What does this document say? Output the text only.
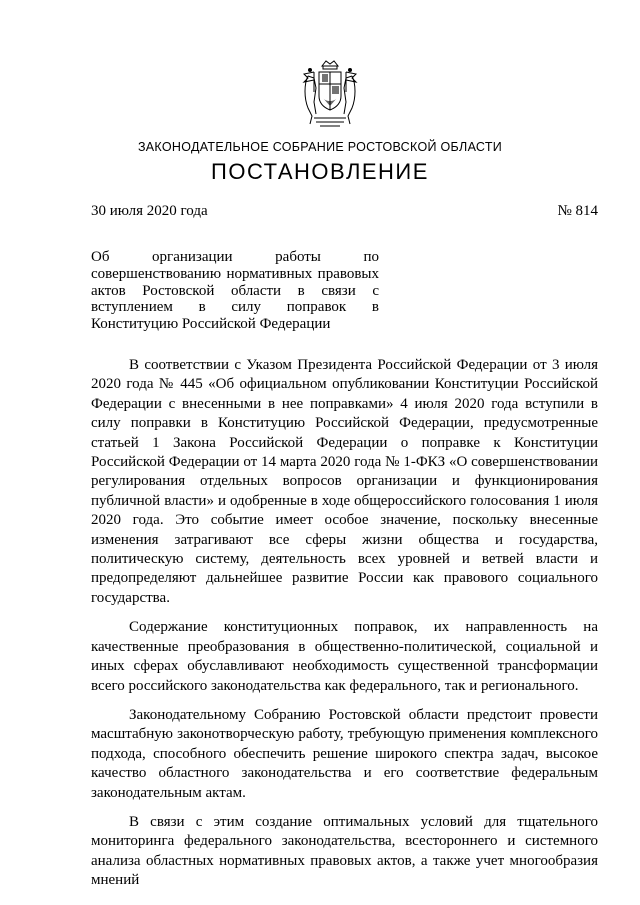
ЗАКОНОДАТЕЛЬНОЕ СОБРАНИЕ РОСТОВСКОЙ ОБЛАСТИ
ПОСТАНОВЛЕНИЕ
30 июля 2020 года	№ 814
Об организации работы по совершенствованию нормативных правовых актов Ростовской области в связи с вступлением в силу поправок в Конституцию Российской Федерации

В соответствии с Указом Президента Российской Федерации от 3 июля 2020 года № 445 «Об официальном опубликовании Конституции Российской Федерации с внесенными в нее поправками» 4 июля 2020 года вступили в силу поправки в Конституцию Российской Федерации, предусмотренные статьей 1 Закона Российской Федерации о поправке к Конституции Российской Федерации от 14 марта 2020 года № 1-ФКЗ «О совершенствовании регулирования отдельных вопросов организации и функционирования публичной власти» и одобренные в ходе общероссийского голосования 1 июля 2020 года. Это событие имеет особое значение, поскольку внесенные изменения затрагивают все сферы жизни общества и государства, политическую систему, деятельность всех уровней и ветвей власти и предопределяют дальнейшее развитие России как правового социального государства.

Содержание конституционных поправок, их направленность на качественные преобразования в общественно-политической, социальной и иных сферах обуславливают необходимость существенной трансформации всего российского законодательства как федерального, так и регионального.

Законодательному Собранию Ростовской области предстоит провести масштабную законотворческую работу, требующую применения комплексного подхода, способного обеспечить решение широкого спектра задач, высокое качество областного законодательства и его соответствие федеральным законодательным актам.

В связи с этим создание оптимальных условий для тщательного мониторинга федерального законодательства, всестороннего и системного анализа областных нормативных правовых актов, а также учет многообразия мнений
